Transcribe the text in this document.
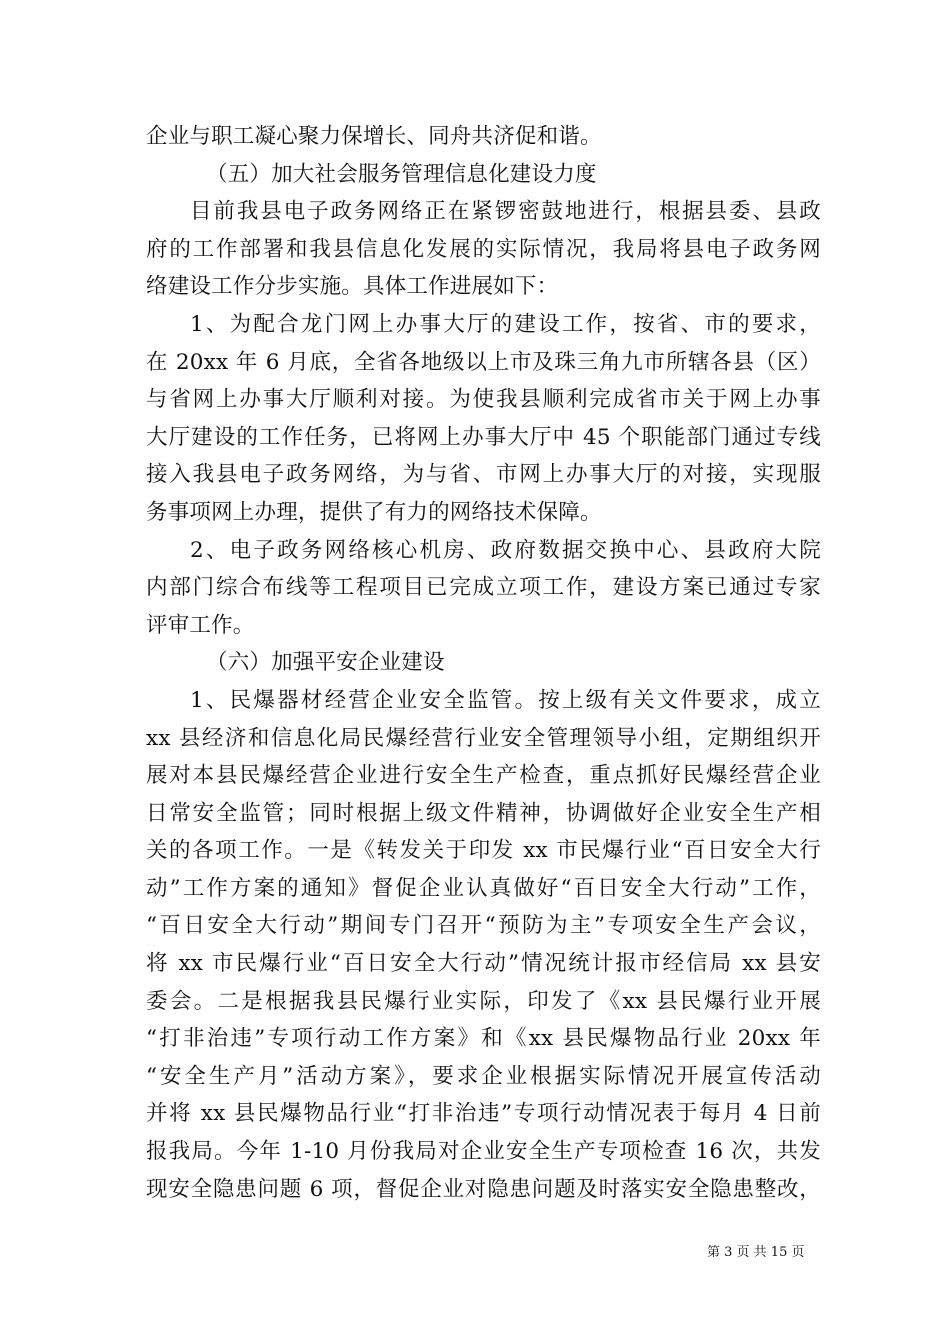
企业与职工凝心聚力保增长、同舟共济促和谐。
（五）加大社会服务管理信息化建设力度
目前我县电子政务网络正在紧锣密鼓地进行，根据县委、县政
府的工作部署和我县信息化发展的实际情况，我局将县电子政务网
络建设工作分步实施。具体工作进展如下：
1、为配合龙门网上办事大厅的建设工作，按省、市的要求，
在 20xx 年 6 月底，全省各地级以上市及珠三角九市所辖各县（区）
与省网上办事大厅顺利对接。为使我县顺利完成省市关于网上办事
大厅建设的工作任务，已将网上办事大厅中 45 个职能部门通过专线
接入我县电子政务网络，为与省、市网上办事大厅的对接，实现服
务事项网上办理，提供了有力的网络技术保障。
2、电子政务网络核心机房、政府数据交换中心、县政府大院
内部门综合布线等工程项目已完成立项工作，建设方案已通过专家
评审工作。
（六）加强平安企业建设
1、民爆器材经营企业安全监管。按上级有关文件要求，成立
xx 县经济和信息化局民爆经营行业安全管理领导小组，定期组织开
展对本县民爆经营企业进行安全生产检查，重点抓好民爆经营企业
日常安全监管；同时根据上级文件精神，协调做好企业安全生产相
关的各项工作。一是《转发关于印发 xx 市民爆行业“百日安全大行
动”工作方案的通知》督促企业认真做好“百日安全大行动”工作，
“百日安全大行动”期间专门召开“预防为主”专项安全生产会议，
将 xx 市民爆行业“百日安全大行动”情况统计报市经信局 xx 县安
委会。二是根据我县民爆行业实际，印发了《xx 县民爆行业开展
“打非治违”专项行动工作方案》和《xx 县民爆物品行业 20xx 年
“安全生产月”活动方案》，要求企业根据实际情况开展宣传活动
并将 xx 县民爆物品行业“打非治违”专项行动情况表于每月 4 日前
报我局。今年 1-10 月份我局对企业安全生产专项检查 16 次，共发
现安全隐患问题 6 项，督促企业对隐患问题及时落实安全隐患整改，
第 3 页 共 15 页
